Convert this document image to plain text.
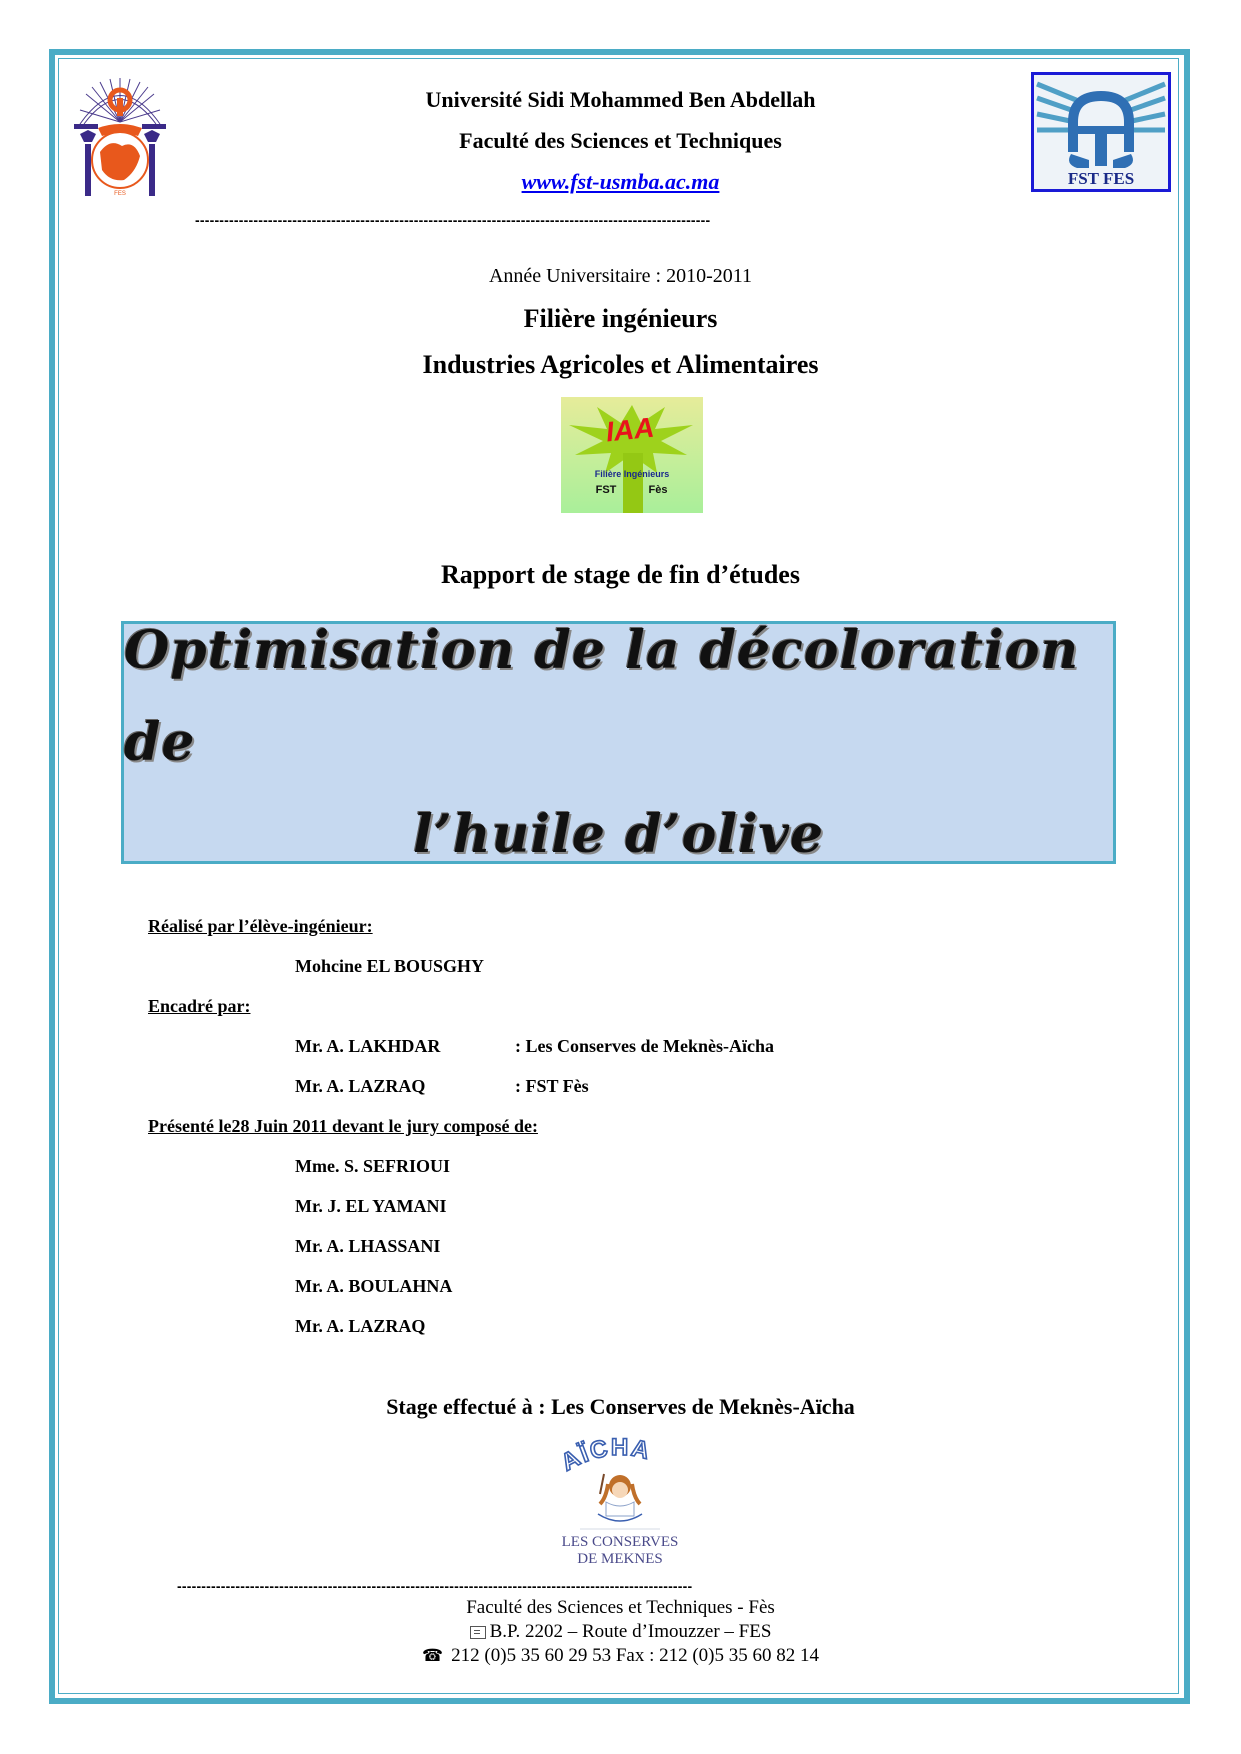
FES
FST FES
Université Sidi Mohammed Ben Abdellah
Faculté des Sciences et Techniques
www.fst-usmba.ac.ma
----------------------------------------------------------------------------------------------------------
Année Universitaire : 2010-2011
Filière ingénieurs
Industries Agricoles et Alimentaires
IAA
Filière Ingénieurs
FST	Fès
Rapport de stage de fin d’études
Optimisation de la décoloration de
l’huile d’olive
Réalisé par l’élève-ingénieur:
Mohcine EL BOUSGHY
Encadré par:
Mr. A. LAKHDAR	: Les Conserves de Meknès-Aïcha
Mr. A. LAZRAQ	: FST Fès
Présenté le28 Juin 2011 devant le jury composé de:
Mme. S. SEFRIOUI
Mr. J. EL YAMANI
Mr. A. LHASSANI
Mr. A. BOULAHNA
Mr. A. LAZRAQ
Stage effectué à : Les Conserves de Meknès-Aïcha
AÏCHA
LES CONSERVES
DE MEKNES
----------------------------------------------------------------------------------------------------------
Faculté des Sciences et Techniques - Fès
B.P. 2202 – Route d’Imouzzer – FES
☎ 212 (0)5 35 60 29 53 Fax : 212 (0)5 35 60 82 14
